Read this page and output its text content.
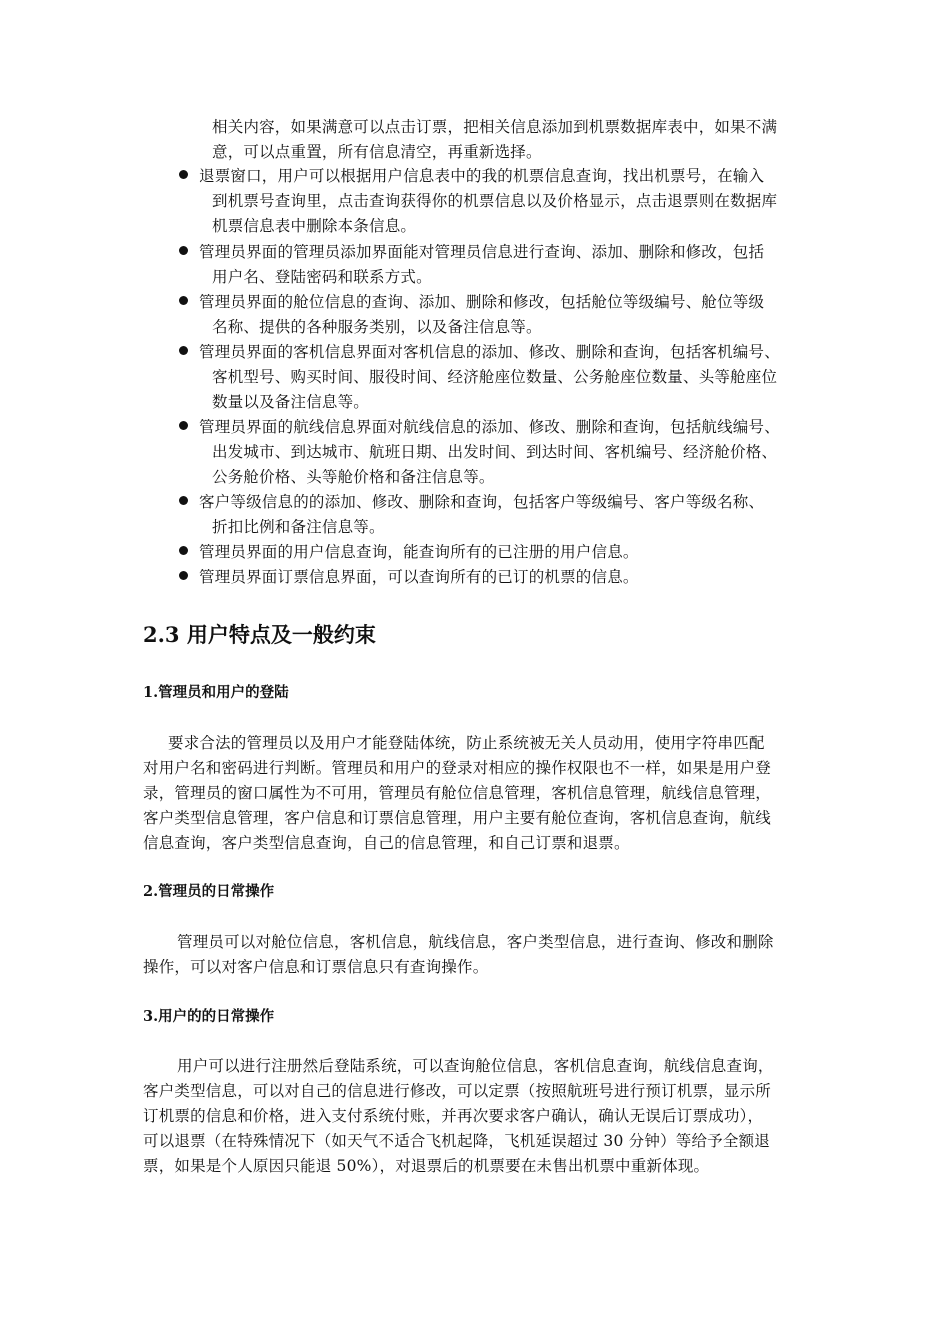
相关内容，如果满意可以点击订票，把相关信息添加到机票数据库表中，如果不满
意，可以点重置，所有信息清空，再重新选择。
退票窗口，用户可以根据用户信息表中的我的机票信息查询，找出机票号，在输入
到机票号查询里，点击查询获得你的机票信息以及价格显示，点击退票则在数据库
机票信息表中删除本条信息。
管理员界面的管理员添加界面能对管理员信息进行查询、添加、删除和修改，包括
用户名、登陆密码和联系方式。
管理员界面的舱位信息的查询、添加、删除和修改，包括舱位等级编号、舱位等级
名称、提供的各种服务类别，以及备注信息等。
管理员界面的客机信息界面对客机信息的添加、修改、删除和查询，包括客机编号、
客机型号、购买时间、服役时间、经济舱座位数量、公务舱座位数量、头等舱座位
数量以及备注信息等。
管理员界面的航线信息界面对航线信息的添加、修改、删除和查询，包括航线编号、
出发城市、到达城市、航班日期、出发时间、到达时间、客机编号、经济舱价格、
公务舱价格、头等舱价格和备注信息等。
客户等级信息的的添加、修改、删除和查询，包括客户等级编号、客户等级名称、
折扣比例和备注信息等。
管理员界面的用户信息查询，能查询所有的已注册的用户信息。
管理员界面订票信息界面，可以查询所有的已订的机票的信息。
2.3 用户特点及一般约束
1.管理员和用户的登陆
要求合法的管理员以及用户才能登陆体统，防止系统被无关人员动用，使用字符串匹配
对用户名和密码进行判断。管理员和用户的登录对相应的操作权限也不一样，如果是用户登
录，管理员的窗口属性为不可用，管理员有舱位信息管理，客机信息管理，航线信息管理，
客户类型信息管理，客户信息和订票信息管理，用户主要有舱位查询，客机信息查询，航线
信息查询，客户类型信息查询，自己的信息管理，和自己订票和退票。
2.管理员的日常操作
管理员可以对舱位信息，客机信息，航线信息，客户类型信息，进行查询、修改和删除
操作，可以对客户信息和订票信息只有查询操作。
3.用户的的日常操作
用户可以进行注册然后登陆系统，可以查询舱位信息，客机信息查询，航线信息查询，
客户类型信息，可以对自己的信息进行修改，可以定票（按照航班号进行预订机票，显示所
订机票的信息和价格，进入支付系统付账，并再次要求客户确认，确认无误后订票成功），
可以退票（在特殊情况下（如天气不适合飞机起降，飞机延误超过 30 分钟）等给予全额退
票，如果是个人原因只能退 50%），对退票后的机票要在未售出机票中重新体现。
